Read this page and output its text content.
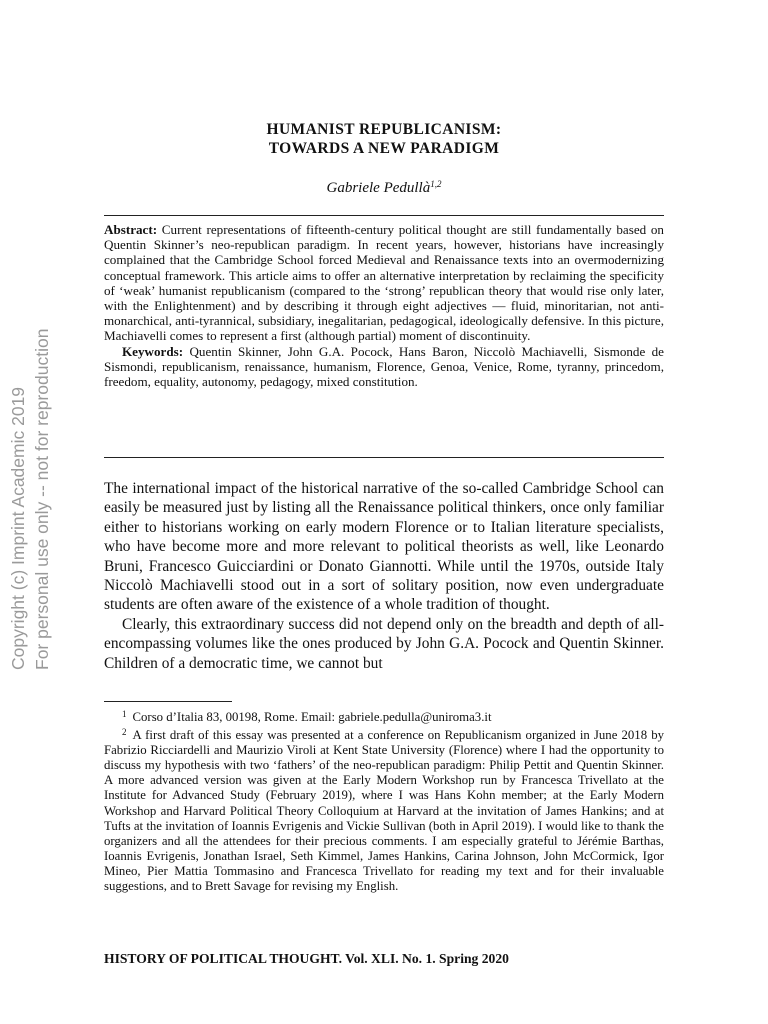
Copyright (c) Imprint Academic 2019 For personal use only -- not for reproduction
HUMANIST REPUBLICANISM:
TOWARDS A NEW PARADIGM
Gabriele Pedullà$^{1,2}$

Abstract: Current representations of fifteenth-century political thought are still fundamentally based on Quentin Skinner’s neo-republican paradigm. In recent years, however, historians have increasingly complained that the Cambridge School forced Medieval and Renaissance texts into an overmodernizing conceptual framework. This article aims to offer an alternative interpretation by reclaiming the specificity of ‘weak’ humanist republicanism (compared to the ‘strong’ republican theory that would rise only later, with the Enlightenment) and by describing it through eight adjectives — fluid, minoritarian, not anti-monarchical, anti-tyrannical, subsidiary, inegalitarian, pedagogical, ideologically defensive. In this picture, Machiavelli comes to represent a first (although partial) moment of discontinuity.

Keywords: Quentin Skinner, John G.A. Pocock, Hans Baron, Niccolò Machiavelli, Sismonde de Sismondi, republicanism, renaissance, humanism, Florence, Genoa, Venice, Rome, tyranny, princedom, freedom, equality, autonomy, pedagogy, mixed constitution.

The international impact of the historical narrative of the so-called Cambridge School can easily be measured just by listing all the Renaissance political thinkers, once only familiar either to historians working on early modern Florence or to Italian literature specialists, who have become more and more relevant to political theorists as well, like Leonardo Bruni, Francesco Guicciardini or Donato Giannotti. While until the 1970s, outside Italy Niccolò Machiavelli stood out in a sort of solitary position, now even undergraduate students are often aware of the existence of a whole tradition of thought.

Clearly, this extraordinary success did not depend only on the breadth and depth of all-encompassing volumes like the ones produced by John G.A. Pocock and Quentin Skinner. Children of a democratic time, we cannot but

$^1$ Corso d’Italia 83, 00198, Rome. Email: gabriele.pedulla@uniroma3.it

$^2$ A first draft of this essay was presented at a conference on Republicanism organized in June 2018 by Fabrizio Ricciardelli and Maurizio Viroli at Kent State University (Florence) where I had the opportunity to discuss my hypothesis with two ‘fathers’ of the neo-republican paradigm: Philip Pettit and Quentin Skinner. A more advanced version was given at the Early Modern Workshop run by Francesca Trivellato at the Institute for Advanced Study (February 2019), where I was Hans Kohn member; at the Early Modern Workshop and Harvard Political Theory Colloquium at Harvard at the invitation of James Hankins; and at Tufts at the invitation of Ioannis Evrigenis and Vickie Sullivan (both in April 2019). I would like to thank the organizers and all the attendees for their precious comments. I am especially grateful to Jérémie Barthas, Ioannis Evrigenis, Jonathan Israel, Seth Kimmel, James Hankins, Carina Johnson, John McCormick, Igor Mineo, Pier Mattia Tommasino and Francesca Trivellato for reading my text and for their invaluable suggestions, and to Brett Savage for revising my English.

HISTORY OF POLITICAL THOUGHT. Vol. XLI. No. 1. Spring 2020
